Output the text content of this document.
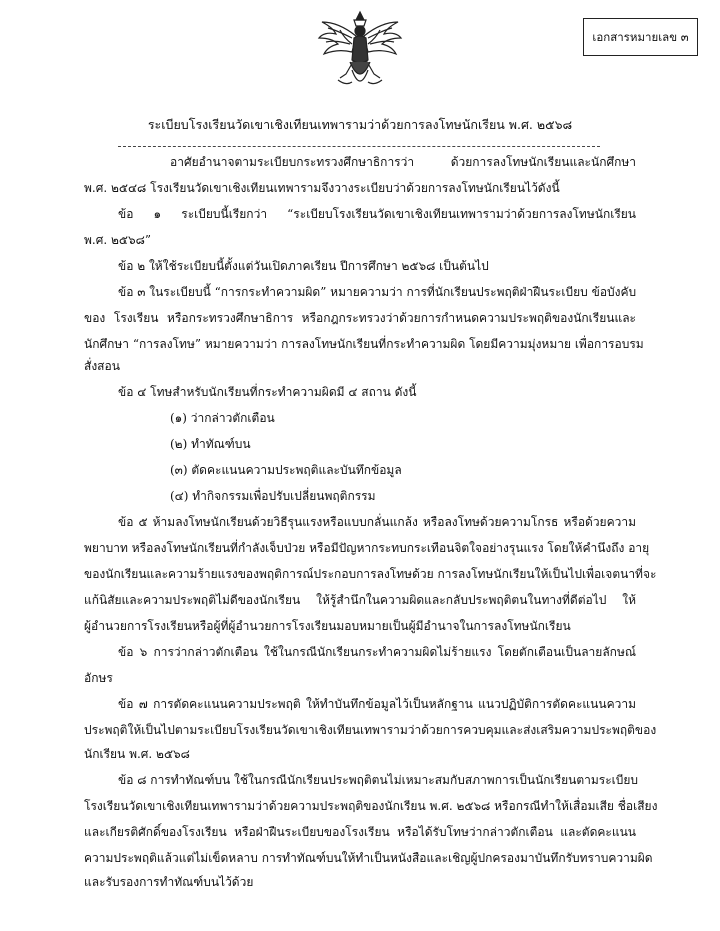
เอกสารหมายเลข ๓
ระเบียบโรงเรียนวัดเขาเชิงเทียนเทพารามว่าด้วยการลงโทษนักเรียน พ.ศ. ๒๕๖๘
อาศัยอำนาจตามระเบียบกระทรวงศึกษาธิการว่า ด้วยการลงโทษนักเรียนและนักศึกษา
พ.ศ. ๒๕๔๘ โรงเรียนวัดเขาเชิงเทียนเทพารามจึงวางระเบียบว่าด้วยการลงโทษนักเรียนไว้ดังนี้
ข้อ ๑ ระเบียบนี้เรียกว่า “ระเบียบโรงเรียนวัดเขาเชิงเทียนเทพารามว่าด้วยการลงโทษนักเรียน
พ.ศ. ๒๕๖๘”
ข้อ ๒ ให้ใช้ระเบียบนี้ตั้งแต่วันเปิดภาคเรียน ปีการศึกษา ๒๕๖๘ เป็นต้นไป
ข้อ ๓ ในระเบียบนี้ “การกระทำความผิด” หมายความว่า การที่นักเรียนประพฤติฝ่าฝืนระเบียบ ข้อบังคับ
ของ โรงเรียน หรือกระทรวงศึกษาธิการ หรือกฎกระทรวงว่าด้วยการกำหนดความประพฤติของนักเรียนและ
นักศึกษา “การลงโทษ” หมายความว่า การลงโทษนักเรียนที่กระทำความผิด โดยมีความมุ่งหมาย เพื่อการอบรม
สั่งสอน
ข้อ ๔ โทษสำหรับนักเรียนที่กระทำความผิดมี ๔ สถาน ดังนี้
(๑) ว่ากล่าวตักเตือน
(๒) ทำทัณฑ์บน
(๓) ตัดคะแนนความประพฤติและบันทึกข้อมูล
(๔) ทำกิจกรรมเพื่อปรับเปลี่ยนพฤติกรรม
ข้อ ๕ ห้ามลงโทษนักเรียนด้วยวิธีรุนแรงหรือแบบกลั่นแกล้ง หรือลงโทษด้วยความโกรธ หรือด้วยความ
พยาบาท หรือลงโทษนักเรียนที่กำลังเจ็บป่วย หรือมีปัญหากระทบกระเทือนจิตใจอย่างรุนแรง โดยให้คำนึงถึง อายุ
ของนักเรียนและความร้ายแรงของพฤติการณ์ประกอบการลงโทษด้วย การลงโทษนักเรียนให้เป็นไปเพื่อเจตนาที่จะ
แก้นิสัยและความประพฤติไม่ดีของนักเรียน ให้รู้สำนึกในความผิดและกลับประพฤติตนในทางที่ดีต่อไป ให้
ผู้อำนวยการโรงเรียนหรือผู้ที่ผู้อำนวยการโรงเรียนมอบหมายเป็นผู้มีอำนาจในการลงโทษนักเรียน
ข้อ ๖ การว่ากล่าวตักเตือน ใช้ในกรณีนักเรียนกระทำความผิดไม่ร้ายแรง โดยตักเตือนเป็นลายลักษณ์
อักษร
ข้อ ๗ การตัดคะแนนความประพฤติ ให้ทำบันทึกข้อมูลไว้เป็นหลักฐาน แนวปฏิบัติการตัดคะแนนความ
ประพฤติให้เป็นไปตามระเบียบโรงเรียนวัดเขาเชิงเทียนเทพารามว่าด้วยการควบคุมและส่งเสริมความประพฤติของ
นักเรียน พ.ศ. ๒๕๖๘
ข้อ ๘ การทำทัณฑ์บน ใช้ในกรณีนักเรียนประพฤติตนไม่เหมาะสมกับสภาพการเป็นนักเรียนตามระเบียบ
โรงเรียนวัดเขาเชิงเทียนเทพารามว่าด้วยความประพฤติของนักเรียน พ.ศ. ๒๕๖๘ หรือกรณีทำให้เสื่อมเสีย ชื่อเสียง
และเกียรติศักดิ์ของโรงเรียน หรือฝ่าฝืนระเบียบของโรงเรียน หรือได้รับโทษว่ากล่าวตักเตือน และตัดคะแนน
ความประพฤติแล้วแต่ไม่เข็ดหลาบ การทำทัณฑ์บนให้ทำเป็นหนังสือและเชิญผู้ปกครองมาบันทึกรับทราบความผิด
และรับรองการทำทัณฑ์บนไว้ด้วย
